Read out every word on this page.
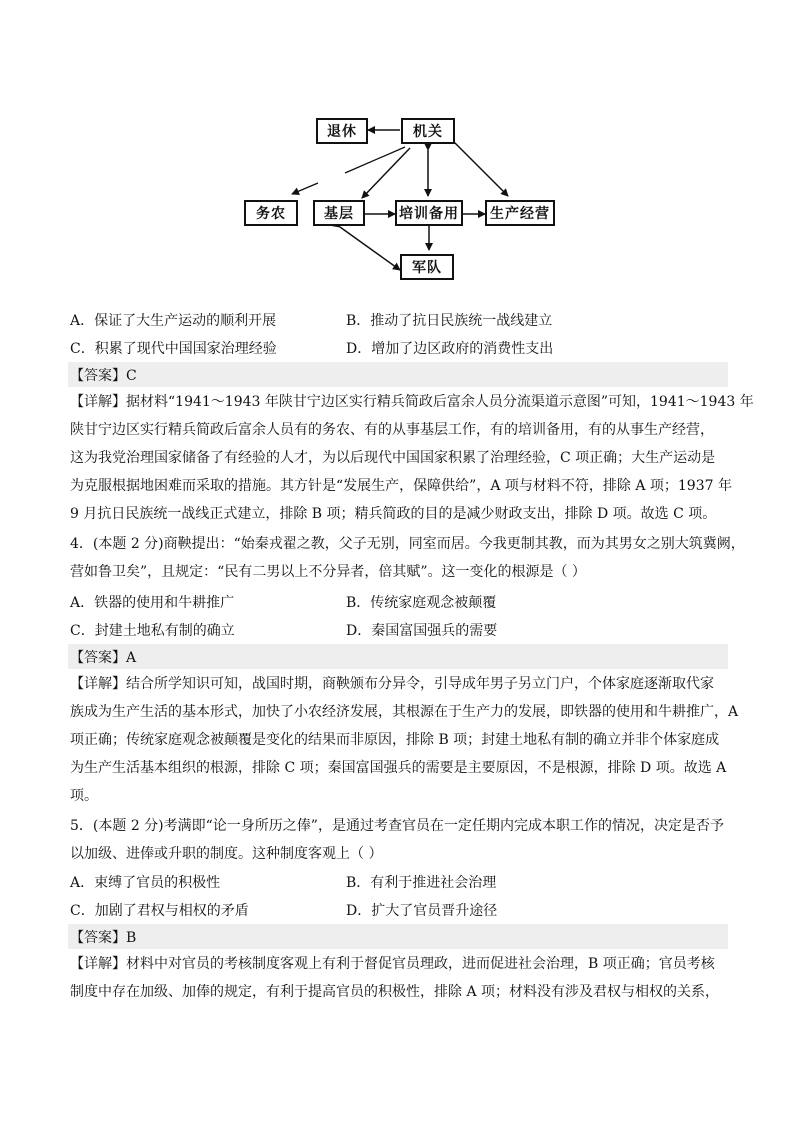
退休	机关
务农	基层	培训备用	生产经营
军队
A．保证了大生产运动的顺利开展	B．推动了抗日民族统一战线建立
C．积累了现代中国国家治理经验	D．增加了边区政府的消费性支出
【答案】C
【详解】据材料“1941～1943 年陕甘宁边区实行精兵简政后富余人员分流渠道示意图”可知，1941～1943 年
陕甘宁边区实行精兵简政后富余人员有的务农、有的从事基层工作，有的培训备用，有的从事生产经营，
这为我党治理国家储备了有经验的人才，为以后现代中国国家积累了治理经验，C 项正确；大生产运动是
为克服根据地困难而采取的措施。其方针是“发展生产，保障供给”，A 项与材料不符，排除 A 项；1937 年
9 月抗日民族统一战线正式建立，排除 B 项；精兵简政的目的是减少财政支出，排除 D 项。故选 C 项。
4．(本题 2 分)商鞅提出：“始秦戎翟之教，父子无别，同室而居。今我更制其教，而为其男女之别大筑冀阙，
营如鲁卫矣”，且规定：“民有二男以上不分异者，倍其赋”。这一变化的根源是（ ）
A．铁器的使用和牛耕推广	B．传统家庭观念被颠覆
C．封建土地私有制的确立	D．秦国富国强兵的需要
【答案】A
【详解】结合所学知识可知，战国时期，商鞅颁布分异令，引导成年男子另立门户，个体家庭逐渐取代家
族成为生产生活的基本形式，加快了小农经济发展，其根源在于生产力的发展，即铁器的使用和牛耕推广，A
项正确；传统家庭观念被颠覆是变化的结果而非原因，排除 B 项；封建土地私有制的确立并非个体家庭成
为生产生活基本组织的根源，排除 C 项；秦国富国强兵的需要是主要原因，不是根源，排除 D 项。故选 A
项。
5．(本题 2 分)考满即“论一身所历之俸”，是通过考查官员在一定任期内完成本职工作的情况，决定是否予
以加级、进俸或升职的制度。这种制度客观上（ ）
A．束缚了官员的积极性	B．有利于推进社会治理
C．加剧了君权与相权的矛盾	D．扩大了官员晋升途径
【答案】B
【详解】材料中对官员的考核制度客观上有利于督促官员理政，进而促进社会治理，B 项正确；官员考核
制度中存在加级、加俸的规定，有利于提高官员的积极性，排除 A 项；材料没有涉及君权与相权的关系，
